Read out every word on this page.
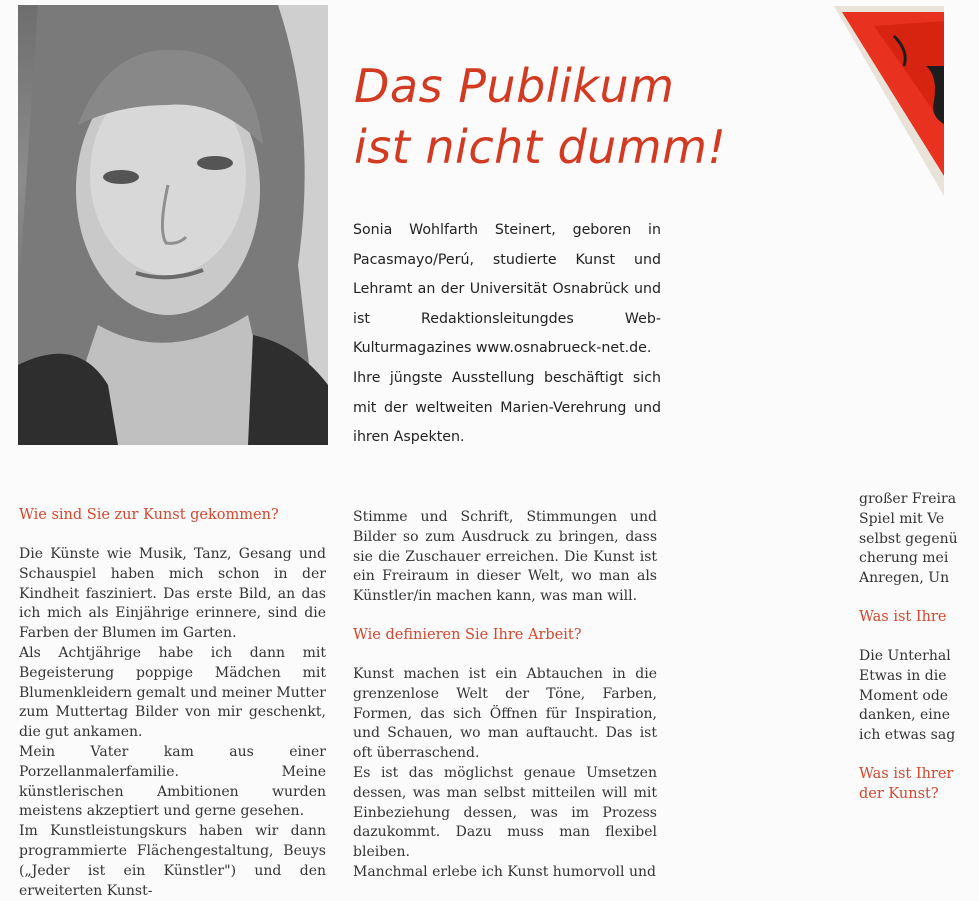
Das Publikum
ist nicht dumm!

Sonia Wohlfarth Steinert, geboren in Pacasmayo/Perú, studierte Kunst und Lehramt an der Universität Osnabrück und ist Redaktionsleitungdes Web-Kulturmagazines www.osnabrueck-net.de.

Ihre jüngste Ausstellung beschäftigt sich mit der weltweiten Marien-Verehrung und ihren Aspekten.

Wie sind Sie zur Kunst gekommen?

Die Künste wie Musik, Tanz, Gesang und Schauspiel haben mich schon in der Kindheit fasziniert. Das erste Bild, an das ich mich als Einjährige erinnere, sind die Farben der Blumen im Garten.

Als Achtjährige habe ich dann mit Begeisterung poppige Mädchen mit Blumenkleidern gemalt und meiner Mutter zum Muttertag Bilder von mir geschenkt, die gut ankamen.

Mein Vater kam aus einer Porzellanmalerfamilie. Meine künstlerischen Ambitionen wurden meistens akzeptiert und gerne gesehen.

Im Kunstleistungskurs haben wir dann programmierte Flächengestaltung, Beuys („Jeder ist ein Künstler") und den erweiterten Kunst-

Stimme und Schrift, Stimmungen und Bilder so zum Ausdruck zu bringen, dass sie die Zuschauer erreichen. Die Kunst ist ein Freiraum in dieser Welt, wo man als Künstler/in machen kann, was man will.

Wie definieren Sie Ihre Arbeit?

Kunst machen ist ein Abtauchen in die grenzenlose Welt der Töne, Farben, Formen, das sich Öffnen für Inspiration, und Schauen, wo man auftaucht. Das ist oft überraschend.

Es ist das möglichst genaue Umsetzen dessen, was man selbst mitteilen will mit Einbeziehung dessen, was im Prozess dazukommt. Dazu muss man flexibel bleiben.

Manchmal erlebe ich Kunst humorvoll und

großer Freira

Spiel mit Ve

selbst gegenü

cherung mei

Anregen, Un

Was ist Ihre

Die Unterhal

Etwas in die

Moment ode

danken, eine

ich etwas sag

Was ist Ihrer

der Kunst?
